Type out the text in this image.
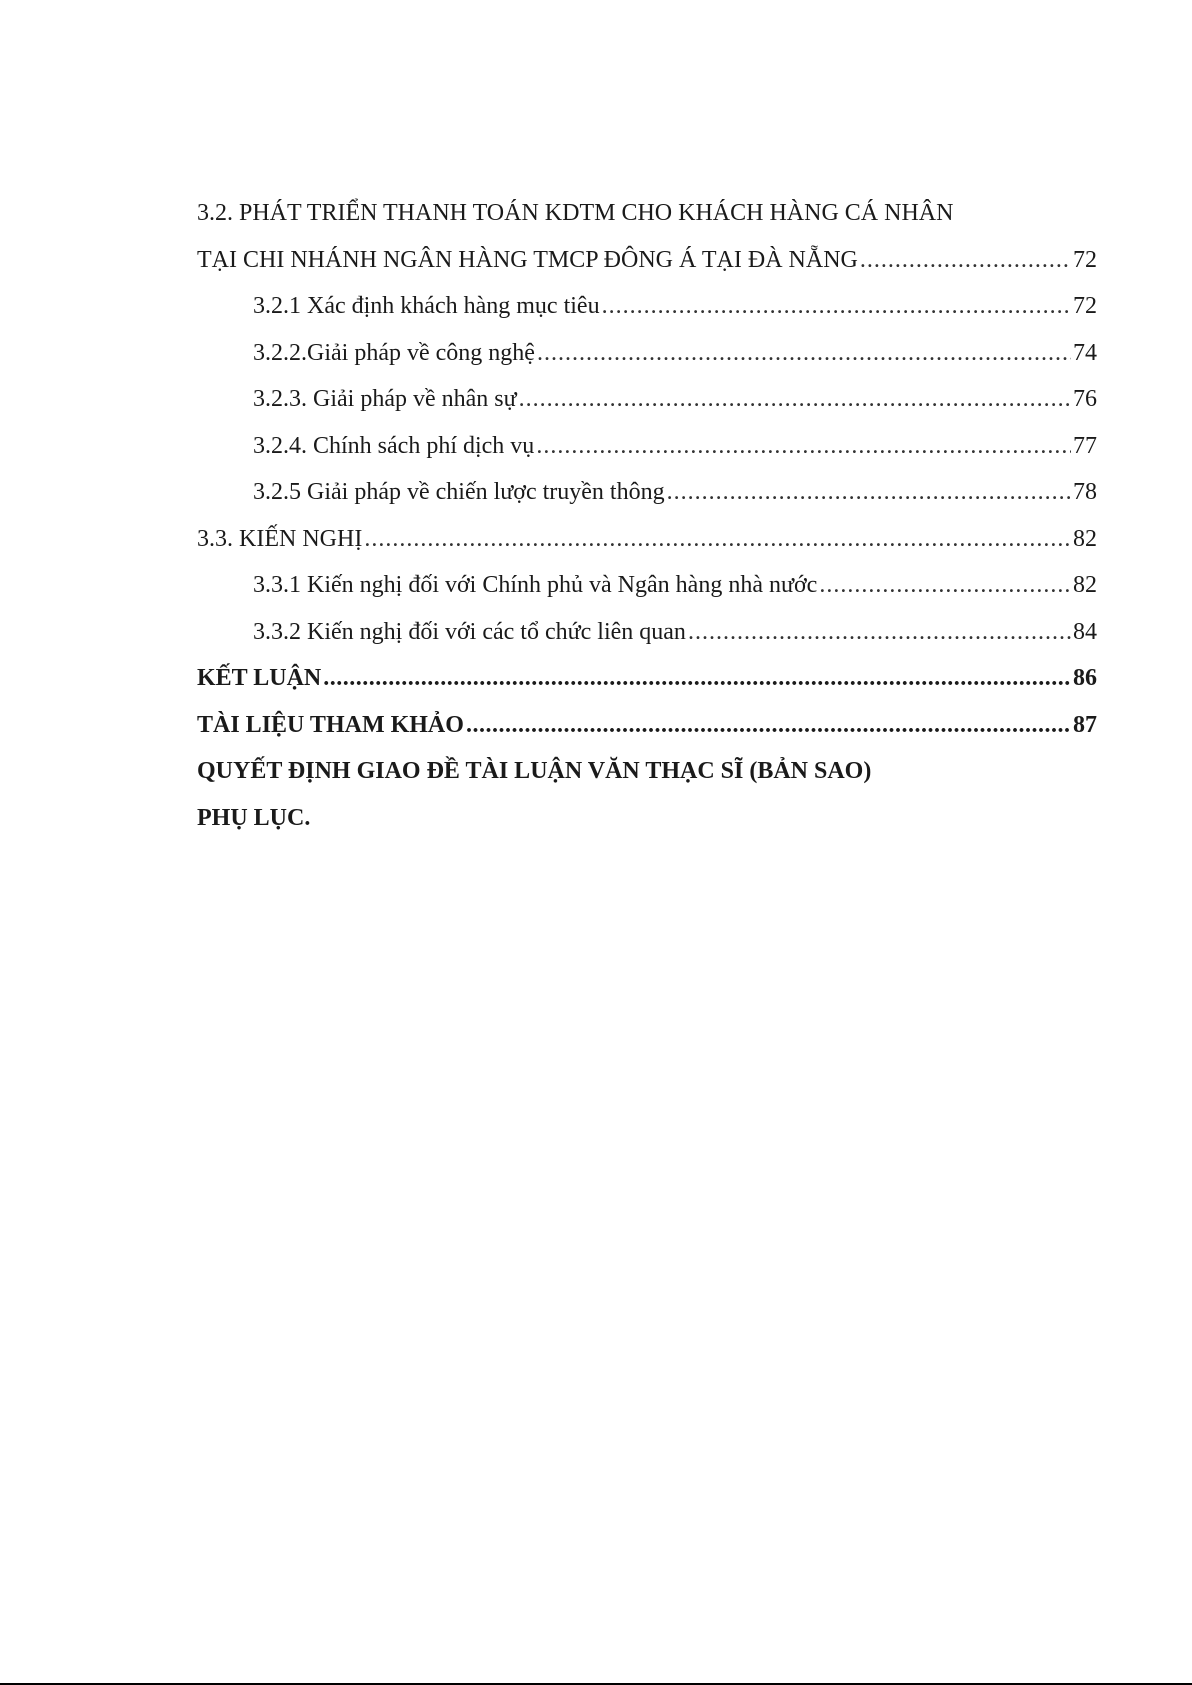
3.2. PHÁT TRIỂN THANH TOÁN KDTM CHO KHÁCH HÀNG CÁ NHÂN
TẠI CHI NHÁNH NGÂN HÀNG TMCP ĐÔNG Á TẠI ĐÀ NẴNG .....	72
3.2.1 Xác định khách hàng mục tiêu .....	72
3.2.2.Giải pháp về công nghệ .....	74
3.2.3. Giải pháp về nhân sự .....	76
3.2.4. Chính sách phí dịch vụ .....	77
3.2.5 Giải pháp về chiến lược truyền thông .....	78
3.3. KIẾN NGHỊ .....	82
3.3.1 Kiến nghị đối với Chính phủ và Ngân hàng nhà nước .....	82
3.3.2 Kiến nghị đối với các tổ chức liên quan .....	84
KẾT LUẬN .....	86
TÀI LIỆU THAM KHẢO .....	87
QUYẾT ĐỊNH GIAO ĐỀ TÀI LUẬN VĂN THẠC SĨ (BẢN SAO)
PHỤ LỤC.
